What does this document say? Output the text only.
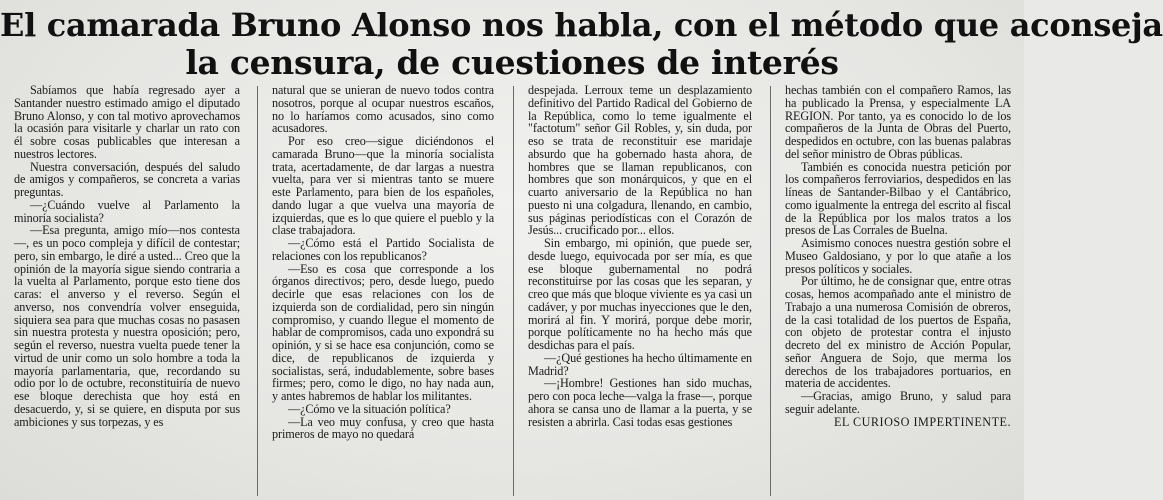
El camarada Bruno Alonso nos habla, con el método que aconseja
la censura, de cuestiones de interés

Sabíamos que había regresado ayer a Santander nuestro estimado amigo el diputado Bruno Alonso, y con tal motivo aprovechamos la ocasión para visitarle y charlar un rato con él sobre cosas publicables que interesan a nuestros lectores.

Nuestra conversación, después del saludo de amigos y compañeros, se concreta a varias preguntas.

—¿Cuándo vuelve al Parlamento la minoría socialista?

—Esa pregunta, amigo mío—nos contesta—, es un poco compleja y difícil de contestar; pero, sin embargo, le diré a usted... Creo que la opinión de la mayoría sigue siendo contraria a la vuelta al Parlamento, porque esto tiene dos caras: el anverso y el reverso. Según el anverso, nos convendría volver enseguida, siquiera sea para que muchas cosas no pasasen sin nuestra protesta y nuestra oposición; pero, según el reverso, nuestra vuelta puede tener la virtud de unir como un solo hombre a toda la mayoría parlamentaria, que, recordando su odio por lo de octubre, reconstituiría de nuevo ese bloque derechista que hoy está en desacuerdo, y, si se quiere, en disputa por sus ambiciones y sus torpezas, y es

natural que se unieran de nuevo todos contra nosotros, porque al ocupar nuestros escaños, no lo haríamos como acusados, sino como acusadores.

Por eso creo—sigue diciéndonos el camarada Bruno—que la minoría socialista trata, acertadamente, de dar largas a nuestra vuelta, para ver si mientras tanto se muere este Parlamento, para bien de los españoles, dando lugar a que vuelva una mayoría de izquierdas, que es lo que quiere el pueblo y la clase trabajadora.

—¿Cómo está el Partido Socialista de relaciones con los republicanos?

—Eso es cosa que corresponde a los órganos directivos; pero, desde luego, puedo decirle que esas relaciones con los de izquierda son de cordialidad, pero sin ningún compromiso, y cuando llegue el momento de hablar de compromisos, cada uno expondrá su opinión, y si se hace esa conjunción, como se dice, de republicanos de izquierda y socialistas, será, indudablemente, sobre bases firmes; pero, como le digo, no hay nada aun, y antes habremos de hablar los militantes.

—¿Cómo ve la situación política?

—La veo muy confusa, y creo que hasta primeros de mayo no quedará

despejada. Lerroux teme un desplazamiento definitivo del Partido Radical del Gobierno de la República, como lo teme igualmente el "factotum" señor Gil Robles, y, sin duda, por eso se trata de reconstituir ese maridaje absurdo que ha gobernado hasta ahora, de hombres que se llaman republicanos, con hombres que son monárquicos, y que en el cuarto aniversario de la República no han puesto ni una colgadura, llenando, en cambio, sus páginas periodísticas con el Corazón de Jesús... crucificado por... ellos.

Sin embargo, mi opinión, que puede ser, desde luego, equivocada por ser mía, es que ese bloque gubernamental no podrá reconstituirse por las cosas que les separan, y creo que más que bloque viviente es ya casi un cadáver, y por muchas inyecciones que le den, morirá al fin. Y morirá, porque debe morir, porque políticamente no ha hecho más que desdichas para el país.

—¿Qué gestiones ha hecho últimamente en Madrid?

—¡Hombre! Gestiones han sido muchas, pero con poca leche—valga la frase—, porque ahora se cansa uno de llamar a la puerta, y se resisten a abrirla. Casi todas esas gestiones

hechas también con el compañero Ramos, las ha publicado la Prensa, y especialmente LA REGION. Por tanto, ya es conocido lo de los compañeros de la Junta de Obras del Puerto, despedidos en octubre, con las buenas palabras del señor ministro de Obras públicas.

También es conocida nuestra petición por los compañeros ferroviarios, despedidos en las líneas de Santander-Bilbao y el Cantábrico, como igualmente la entrega del escrito al fiscal de la República por los malos tratos a los presos de Las Corrales de Buelna.

Asimismo conoces nuestra gestión sobre el Museo Galdosiano, y por lo que atañe a los presos políticos y sociales.

Por último, he de consignar que, entre otras cosas, hemos acompañado ante el ministro de Trabajo a una numerosa Comisión de obreros, de la casi totalidad de los puertos de España, con objeto de protestar contra el injusto decreto del ex ministro de Acción Popular, señor Anguera de Sojo, que merma los derechos de los trabajadores portuarios, en materia de accidentes.

—Gracias, amigo Bruno, y salud para seguir adelante.

EL CURIOSO IMPERTINENTE.
